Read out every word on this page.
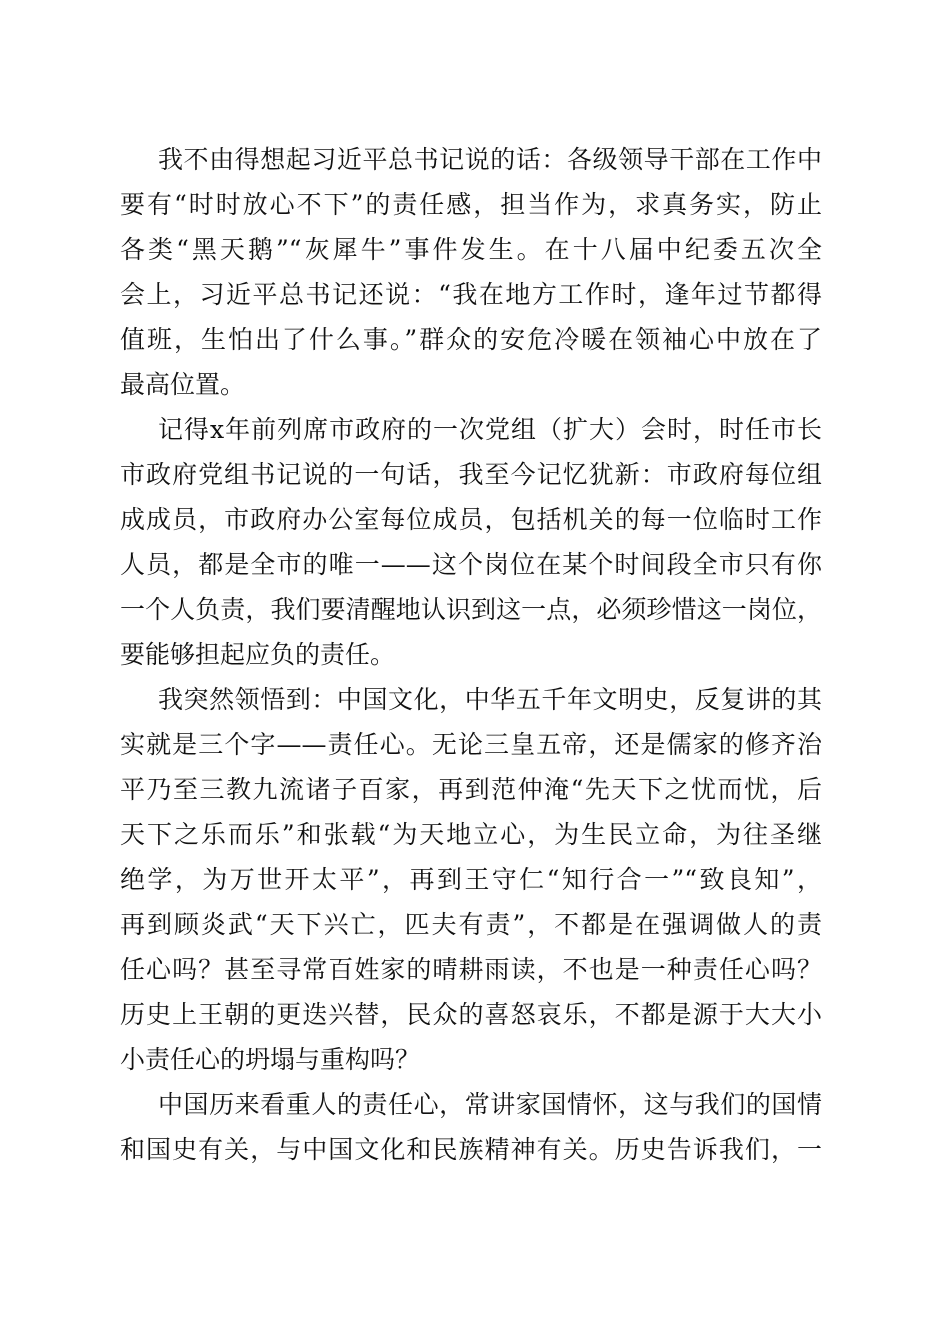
我不由得想起习近平总书记说的话：各级领导干部在工作中
要有“时时放心不下”的责任感，担当作为，求真务实，防止
各类“黑天鹅”“灰犀牛”事件发生。在十八届中纪委五次全
会上，习近平总书记还说：“我在地方工作时，逢年过节都得
值班，生怕出了什么事。”群众的安危冷暖在领袖心中放在了
最高位置。
记得x年前列席市政府的一次党组（扩大）会时，时任市长
市政府党组书记说的一句话，我至今记忆犹新：市政府每位组
成成员，市政府办公室每位成员，包括机关的每一位临时工作
人员，都是全市的唯一——这个岗位在某个时间段全市只有你
一个人负责，我们要清醒地认识到这一点，必须珍惜这一岗位，
要能够担起应负的责任。
我突然领悟到：中国文化，中华五千年文明史，反复讲的其
实就是三个字——责任心。无论三皇五帝，还是儒家的修齐治
平乃至三教九流诸子百家，再到范仲淹“先天下之忧而忧，后
天下之乐而乐”和张载“为天地立心，为生民立命，为往圣继
绝学，为万世开太平”，再到王守仁“知行合一”“致良知”，
再到顾炎武“天下兴亡，匹夫有责”，不都是在强调做人的责
任心吗？甚至寻常百姓家的晴耕雨读，不也是一种责任心吗？
历史上王朝的更迭兴替，民众的喜怒哀乐，不都是源于大大小
小责任心的坍塌与重构吗？
中国历来看重人的责任心，常讲家国情怀，这与我们的国情
和国史有关，与中国文化和民族精神有关。历史告诉我们，一
